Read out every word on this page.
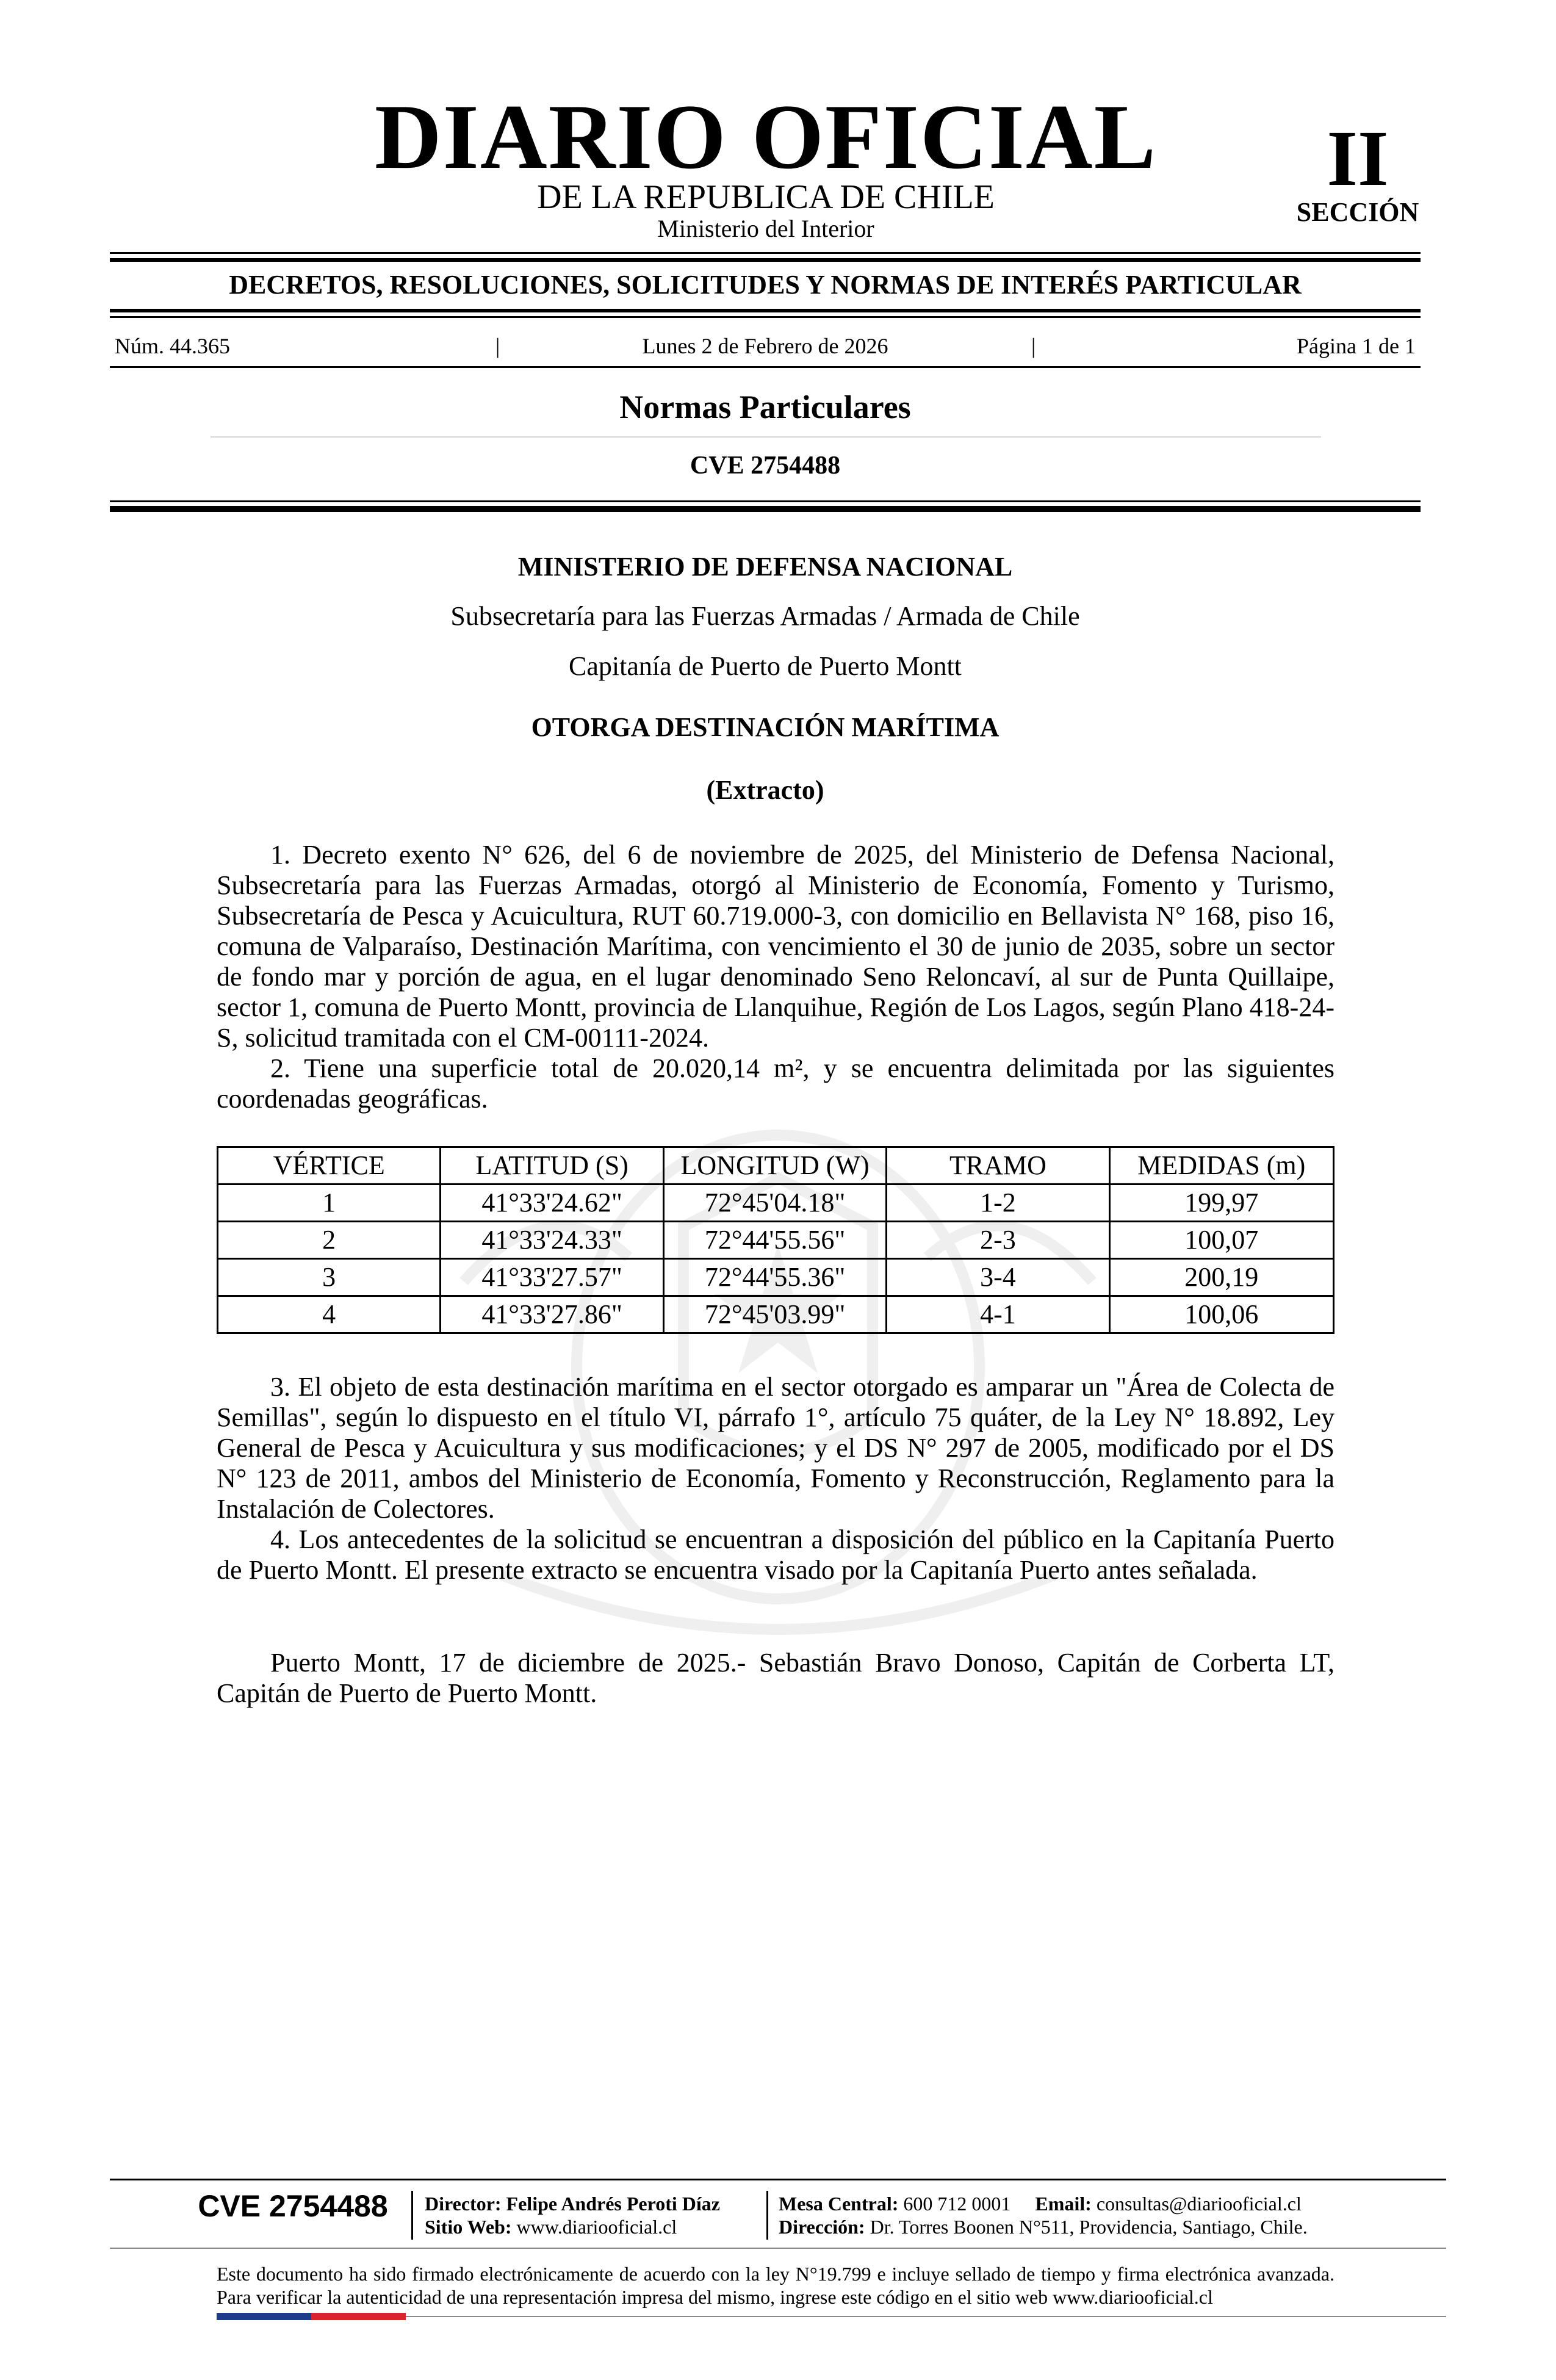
DIARIO OFICIAL
DE LA REPUBLICA DE CHILE
Ministerio del Interior
II
SECCIÓN
DECRETOS, RESOLUCIONES, SOLICITUDES Y NORMAS DE INTERÉS PARTICULAR
Núm. 44.365	|	Lunes 2 de Febrero de 2026	|	Página 1 de 1
Normas Particulares
CVE 2754488
MINISTERIO DE DEFENSA NACIONAL
Subsecretaría para las Fuerzas Armadas / Armada de Chile
Capitanía de Puerto de Puerto Montt
OTORGA DESTINACIÓN MARÍTIMA
(Extracto)

1. Decreto exento N° 626, del 6 de noviembre de 2025, del Ministerio de Defensa Nacional, Subsecretaría para las Fuerzas Armadas, otorgó al Ministerio de Economía, Fomento y Turismo, Subsecretaría de Pesca y Acuicultura, RUT 60.719.000-3, con domicilio en Bellavista N° 168, piso 16, comuna de Valparaíso, Destinación Marítima, con vencimiento el 30 de junio de 2035, sobre un sector de fondo mar y porción de agua, en el lugar denominado Seno Reloncaví, al sur de Punta Quillaipe, sector 1, comuna de Puerto Montt, provincia de Llanquihue, Región de Los Lagos, según Plano 418-24-S, solicitud tramitada con el CM-00111-2024.

2. Tiene una superficie total de 20.020,14 m², y se encuentra delimitada por las siguientes coordenadas geográficas.

VÉRTICE	LATITUD (S)	LONGITUD (W)	TRAMO	MEDIDAS (m)
1	41°33'24.62"	72°45'04.18"	1-2	199,97
2	41°33'24.33"	72°44'55.56"	2-3	100,07
3	41°33'27.57"	72°44'55.36"	3-4	200,19
4	41°33'27.86"	72°45'03.99"	4-1	100,06

3. El objeto de esta destinación marítima en el sector otorgado es amparar un "Área de Colecta de Semillas", según lo dispuesto en el título VI, párrafo 1°, artículo 75 quáter, de la Ley N° 18.892, Ley General de Pesca y Acuicultura y sus modificaciones; y el DS N° 297 de 2005, modificado por el DS N° 123 de 2011, ambos del Ministerio de Economía, Fomento y Reconstrucción, Reglamento para la Instalación de Colectores.

4. Los antecedentes de la solicitud se encuentran a disposición del público en la Capitanía Puerto de Puerto Montt. El presente extracto se encuentra visado por la Capitanía Puerto antes señalada.

Puerto Montt, 17 de diciembre de 2025.- Sebastián Bravo Donoso, Capitán de Corberta LT, Capitán de Puerto de Puerto Montt.

CVE 2754488	Director: Felipe Andrés Peroti Díaz
Sitio Web: www.diariooficial.cl
Mesa Central: 600 712 0001 Email: consultas@diariooficial.cl
Dirección: Dr. Torres Boonen N°511, Providencia, Santiago, Chile.
Este documento ha sido firmado electrónicamente de acuerdo con la ley N°19.799 e incluye sellado de tiempo y firma electrónica avanzada. Para verificar la autenticidad de una representación impresa del mismo, ingrese este código en el sitio web www.diariooficial.cl
